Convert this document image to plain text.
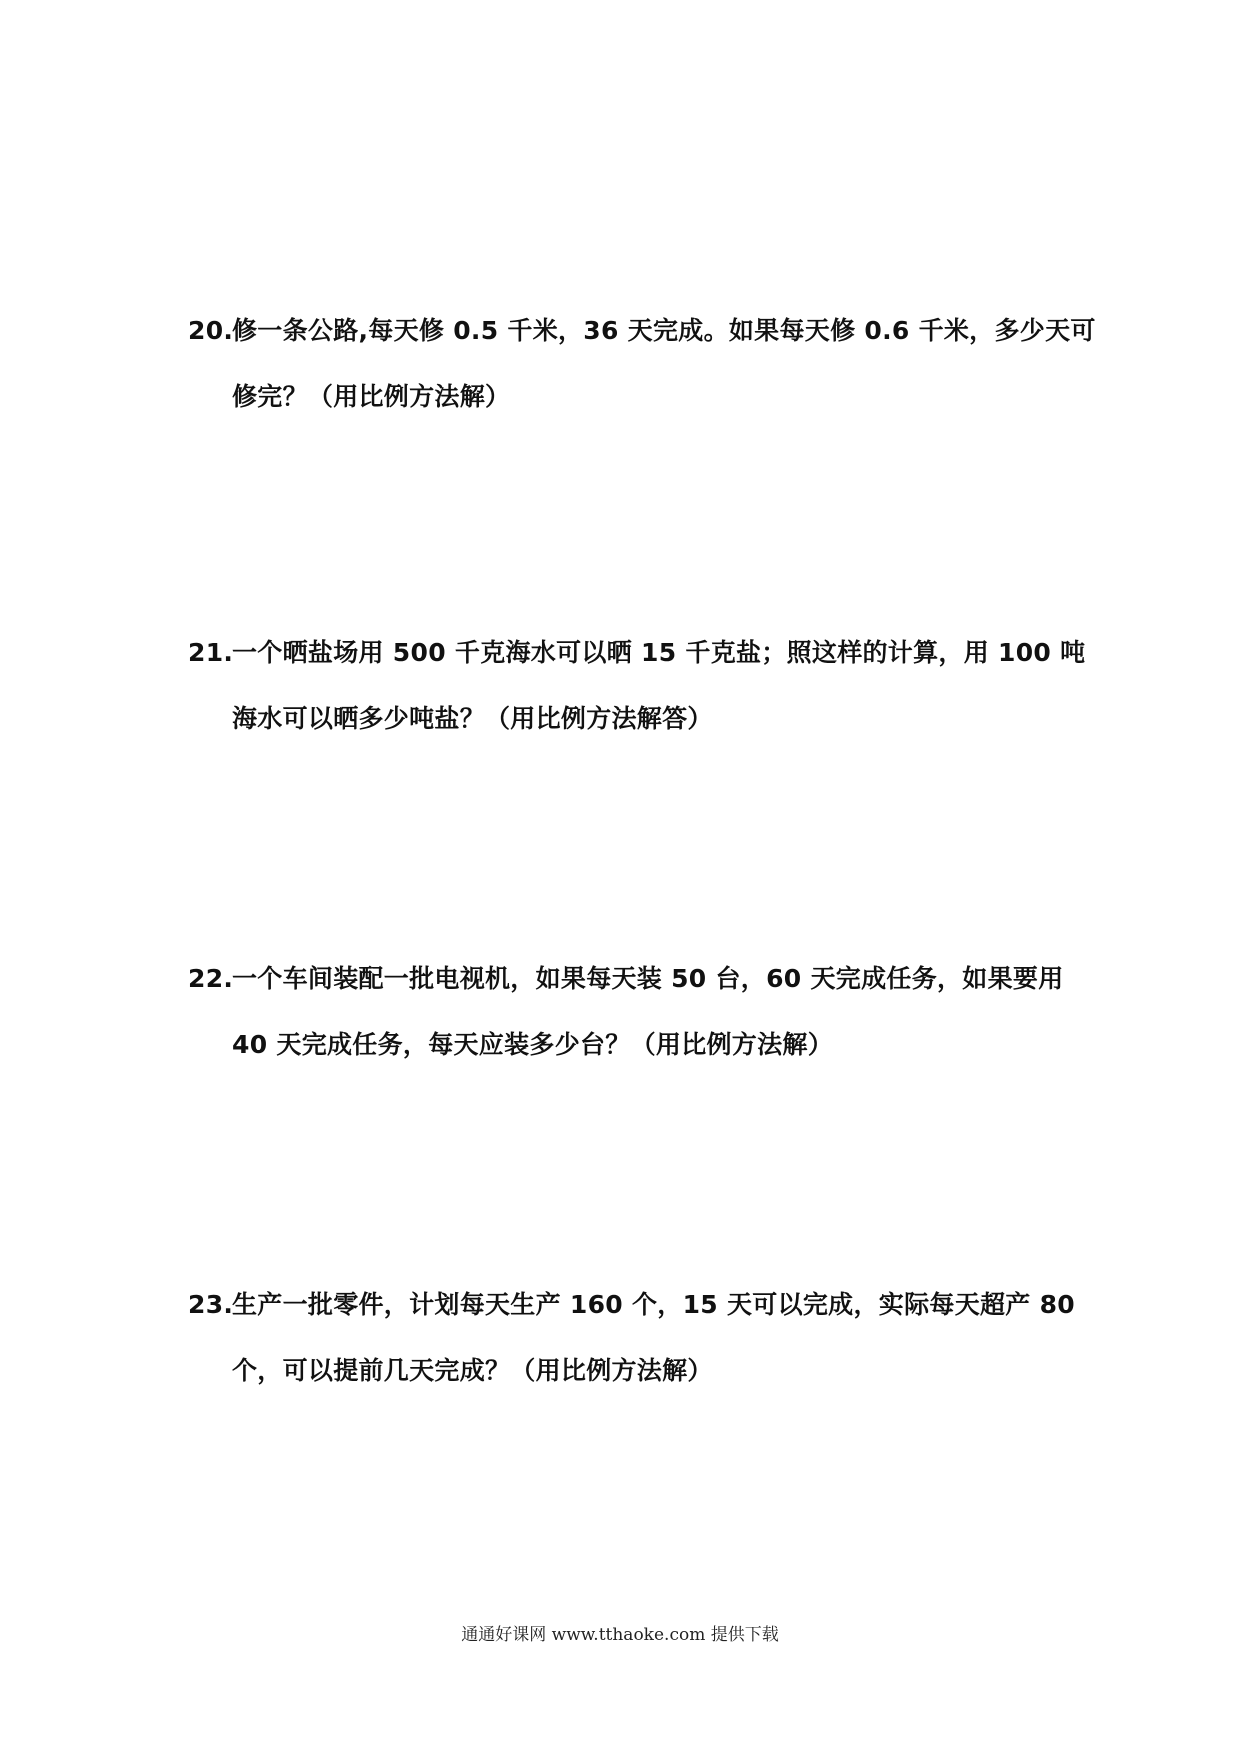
20.
修一条公路,每天修 0.5 千米，36 天完成。如果每天修 0.6 千米，多少天可
修完？（用比例方法解）
21.
一个晒盐场用 500 千克海水可以晒 15 千克盐；照这样的计算，用 100 吨
海水可以晒多少吨盐？（用比例方法解答）
22.
一个车间装配一批电视机，如果每天装 50 台，60 天完成任务，如果要用
40 天完成任务，每天应装多少台？（用比例方法解）
23.
生产一批零件，计划每天生产 160 个，15 天可以完成，实际每天超产 80
个，可以提前几天完成？（用比例方法解）
通通好课网 www.tthaoke.com 提供下载
